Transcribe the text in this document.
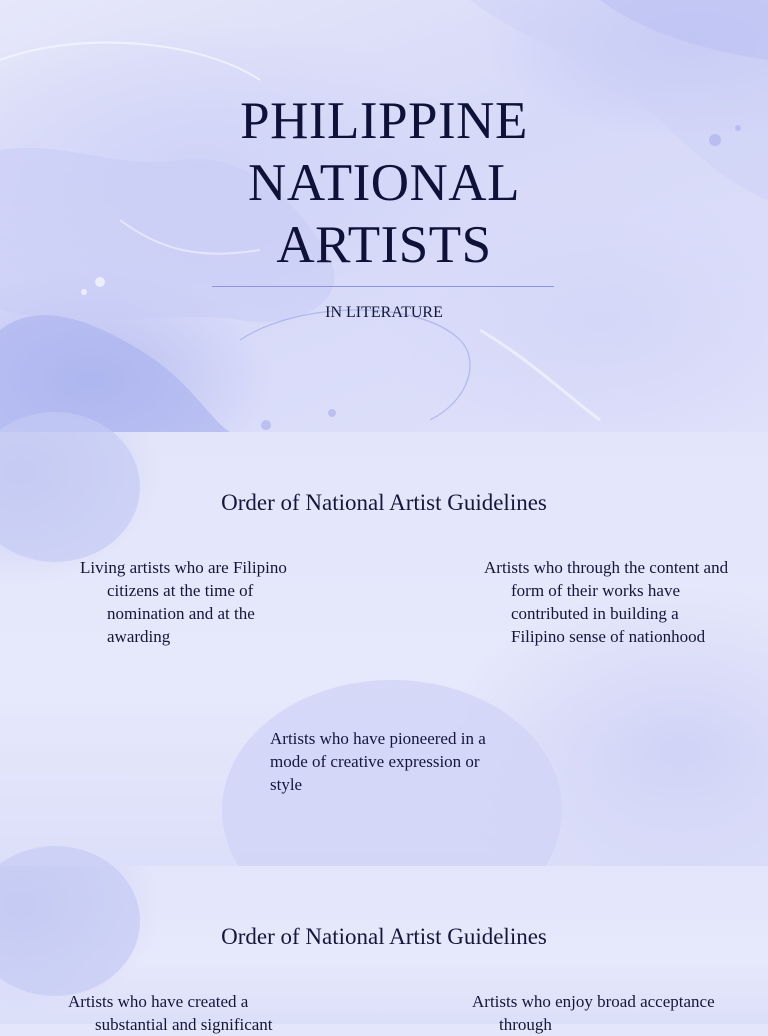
PHILIPPINE
NATIONAL
ARTISTS
IN LITERATURE
Order of National Artist Guidelines
Living artists who are Filipino citizens at the time of nomination and at the awarding
Artists who through the content and form of their works have contributed in building a Filipino sense of nationhood
Artists who have pioneered in a mode of creative expression or style
Order of National Artist Guidelines
Artists who have created a substantial and significant
Artists who enjoy broad acceptance through
